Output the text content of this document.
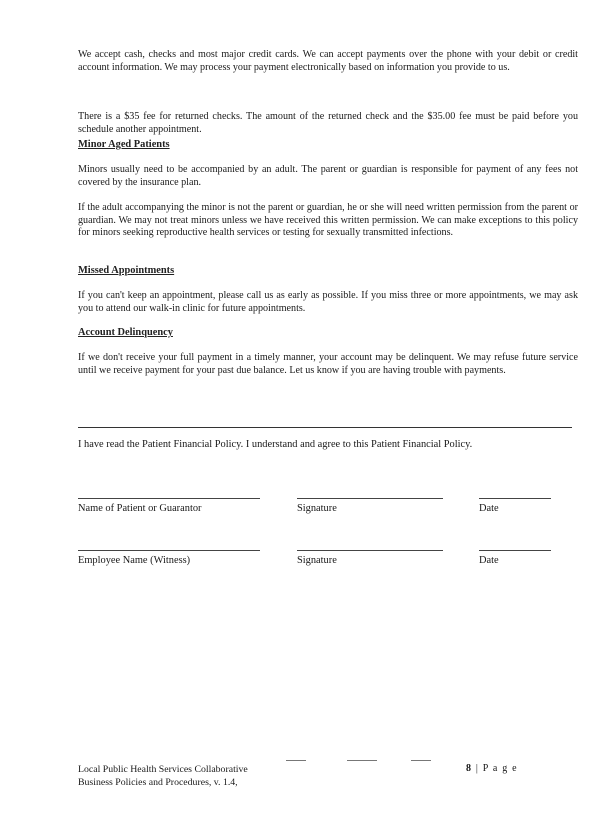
We accept cash, checks and most major credit cards. We can accept payments over the phone with your debit or credit account information. We may process your payment electronically based on information you provide to us.

There is a $35 fee for returned checks. The amount of the returned check and the $35.00 fee must be paid before you schedule another appointment.

Minor Aged Patients

Minors usually need to be accompanied by an adult. The parent or guardian is responsible for payment of any fees not covered by the insurance plan.

If the adult accompanying the minor is not the parent or guardian, he or she will need written permission from the parent or guardian. We may not treat minors unless we have received this written permission. We can make exceptions to this policy for minors seeking reproductive health services or testing for sexually transmitted infections.

Missed Appointments

If you can't keep an appointment, please call us as early as possible. If you miss three or more appointments, we may ask you to attend our walk-in clinic for future appointments.

Account Delinquency

If we don't receive your full payment in a timely manner, your account may be delinquent. We may refuse future service until we receive payment for your past due balance. Let us know if you are having trouble with payments.

I have read the Patient Financial Policy. I understand and agree to this Patient Financial Policy.

Name of Patient or Guarantor	Signature	Date
Employee Name (Witness)	Signature	Date
Local Public Health Services Collaborative
Business Policies and Procedures, v. 1.4,
8 | P a g e
